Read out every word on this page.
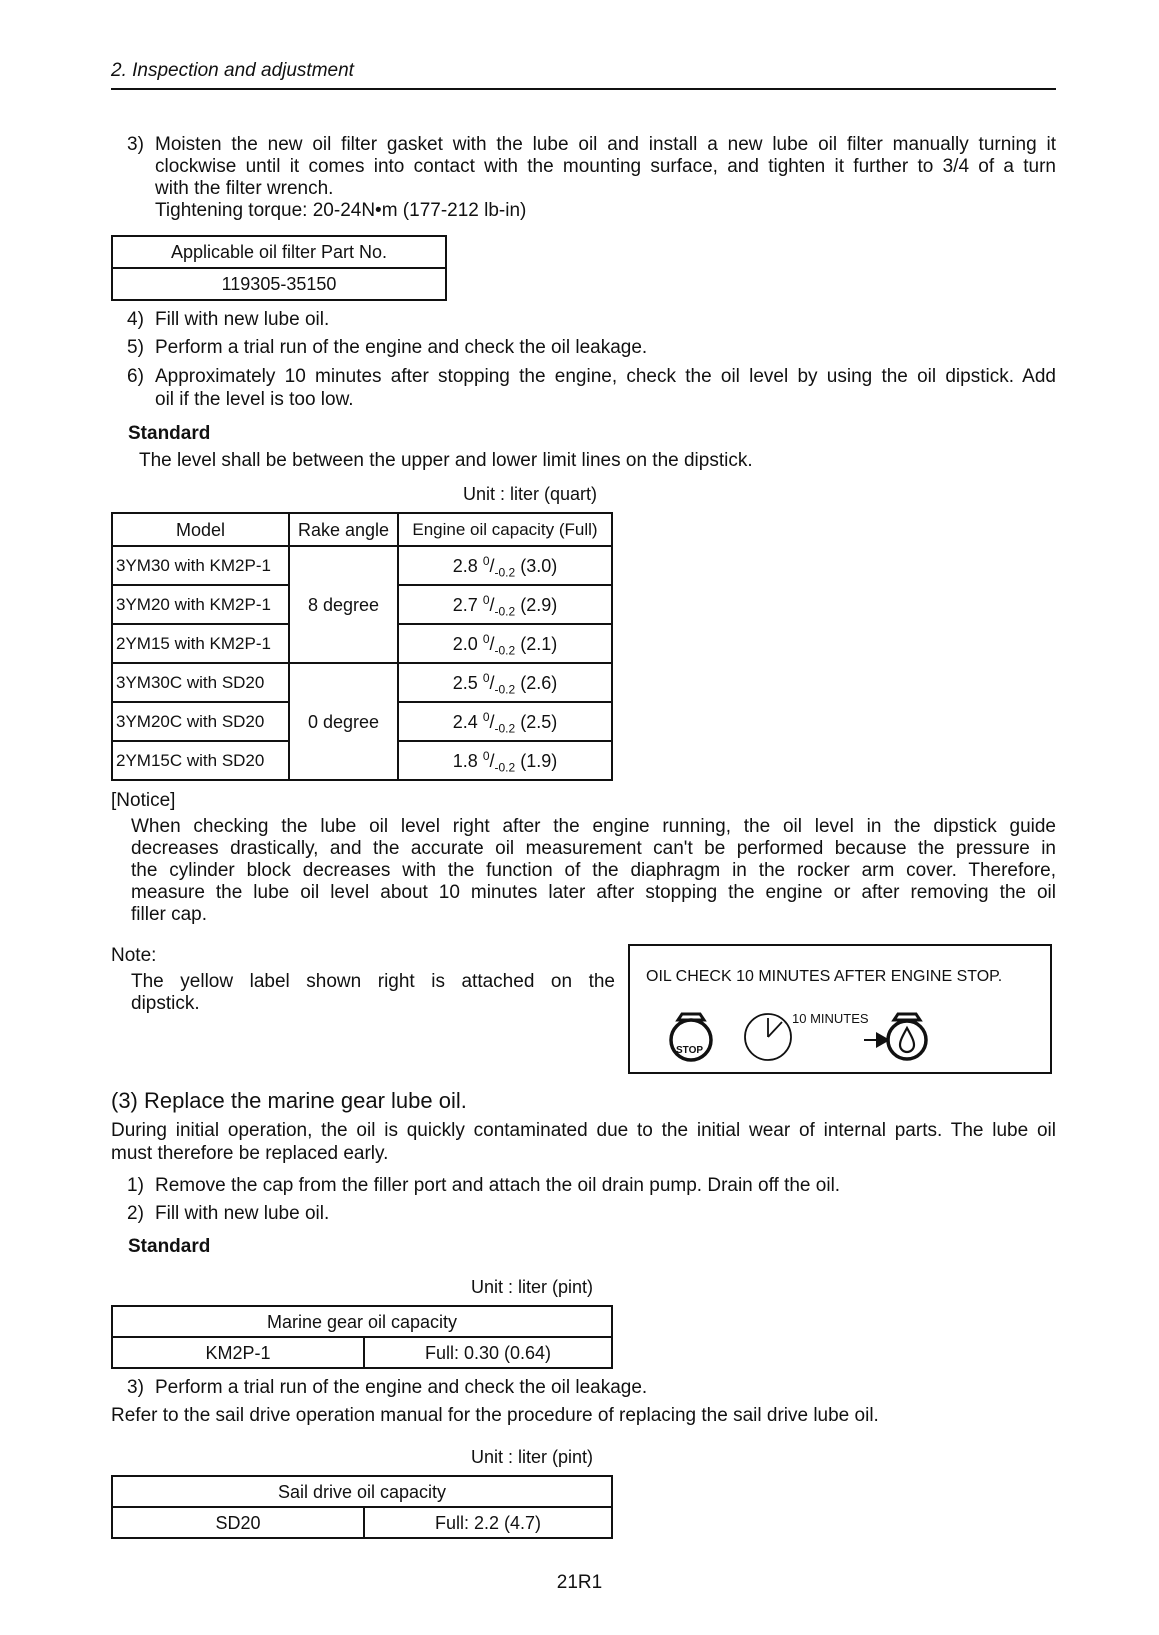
2. Inspection and adjustment
3) Moisten the new oil filter gasket with the lube oil and install a new lube oil filter manually turning it
clockwise until it comes into contact with the mounting surface, and tighten it further to 3/4 of a turn
with the filter wrench.
Tightening torque: 20-24N•m (177-212 lb-in)
Applicable oil filter Part No.
119305-35150
4) Fill with new lube oil.
5) Perform a trial run of the engine and check the oil leakage.
6) Approximately 10 minutes after stopping the engine, check the oil level by using the oil dipstick. Add
oil if the level is too low.
Standard
The level shall be between the upper and lower limit lines on the dipstick.
Unit : liter (quart)
Model	Rake angle	Engine oil capacity (Full)
3YM30 with KM2P-1	8 degree	2.8 $^0/_{-0.2}$ (3.0)
3YM20 with KM2P-1		2.7 $^0/_{-0.2}$ (2.9)
2YM15 with KM2P-1		2.0 $^0/_{-0.2}$ (2.1)
3YM30C with SD20	0 degree	2.5 $^0/_{-0.2}$ (2.6)
3YM20C with SD20		2.4 $^0/_{-0.2}$ (2.5)
2YM15C with SD20		1.8 $^0/_{-0.2}$ (1.9)
[Notice]
When checking the lube oil level right after the engine running, the oil level in the dipstick guide
decreases drastically, and the accurate oil measurement can't be performed because the pressure in
the cylinder block decreases with the function of the diaphragm in the rocker arm cover. Therefore,
measure the lube oil level about 10 minutes later after stopping the engine or after removing the oil
filler cap.
Note:
The yellow label shown right is attached on the
dipstick.
OIL CHECK 10 MINUTES AFTER ENGINE STOP.
STOP
10 MINUTES
(3) Replace the marine gear lube oil.
During initial operation, the oil is quickly contaminated due to the initial wear of internal parts. The lube oil
must therefore be replaced early.
1) Remove the cap from the filler port and attach the oil drain pump. Drain off the oil.
2) Fill with new lube oil.
Standard
Unit : liter (pint)
Marine gear oil capacity
KM2P-1	Full: 0.30 (0.64)
3) Perform a trial run of the engine and check the oil leakage.
Refer to the sail drive operation manual for the procedure of replacing the sail drive lube oil.
Unit : liter (pint)
Sail drive oil capacity
SD20	Full: 2.2 (4.7)
21R1
